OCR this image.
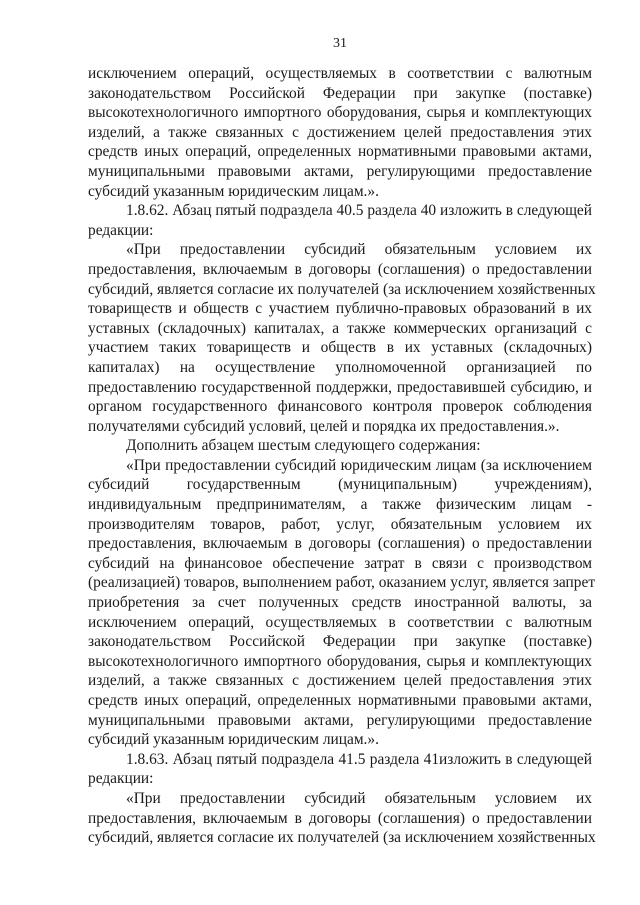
31
исключением операций, осуществляемых в соответствии с валютным
законодательством Российской Федерации при закупке (поставке)
высокотехнологичного импортного оборудования, сырья и комплектующих
изделий, а также связанных с достижением целей предоставления этих
средств иных операций, определенных нормативными правовыми актами,
муниципальными правовыми актами, регулирующими предоставление
субсидий указанным юридическим лицам.».
1.8.62. Абзац пятый подраздела 40.5 раздела 40 изложить в следующей
редакции:
«При предоставлении субсидий обязательным условием их
предоставления, включаемым в договоры (соглашения) о предоставлении
субсидий, является согласие их получателей (за исключением хозяйственных
товариществ и обществ с участием публично-правовых образований в их
уставных (складочных) капиталах, а также коммерческих организаций с
участием таких товариществ и обществ в их уставных (складочных)
капиталах) на осуществление уполномоченной организацией по
предоставлению государственной поддержки, предоставившей субсидию, и
органом государственного финансового контроля проверок соблюдения
получателями субсидий условий, целей и порядка их предоставления.».
Дополнить абзацем шестым следующего содержания:
«При предоставлении субсидий юридическим лицам (за исключением
субсидий государственным (муниципальным) учреждениям),
индивидуальным предпринимателям, а также физическим лицам -
производителям товаров, работ, услуг, обязательным условием их
предоставления, включаемым в договоры (соглашения) о предоставлении
субсидий на финансовое обеспечение затрат в связи с производством
(реализацией) товаров, выполнением работ, оказанием услуг, является запрет
приобретения за счет полученных средств иностранной валюты, за
исключением операций, осуществляемых в соответствии с валютным
законодательством Российской Федерации при закупке (поставке)
высокотехнологичного импортного оборудования, сырья и комплектующих
изделий, а также связанных с достижением целей предоставления этих
средств иных операций, определенных нормативными правовыми актами,
муниципальными правовыми актами, регулирующими предоставление
субсидий указанным юридическим лицам.».
1.8.63. Абзац пятый подраздела 41.5 раздела 41изложить в следующей
редакции:
«При предоставлении субсидий обязательным условием их
предоставления, включаемым в договоры (соглашения) о предоставлении
субсидий, является согласие их получателей (за исключением хозяйственных
